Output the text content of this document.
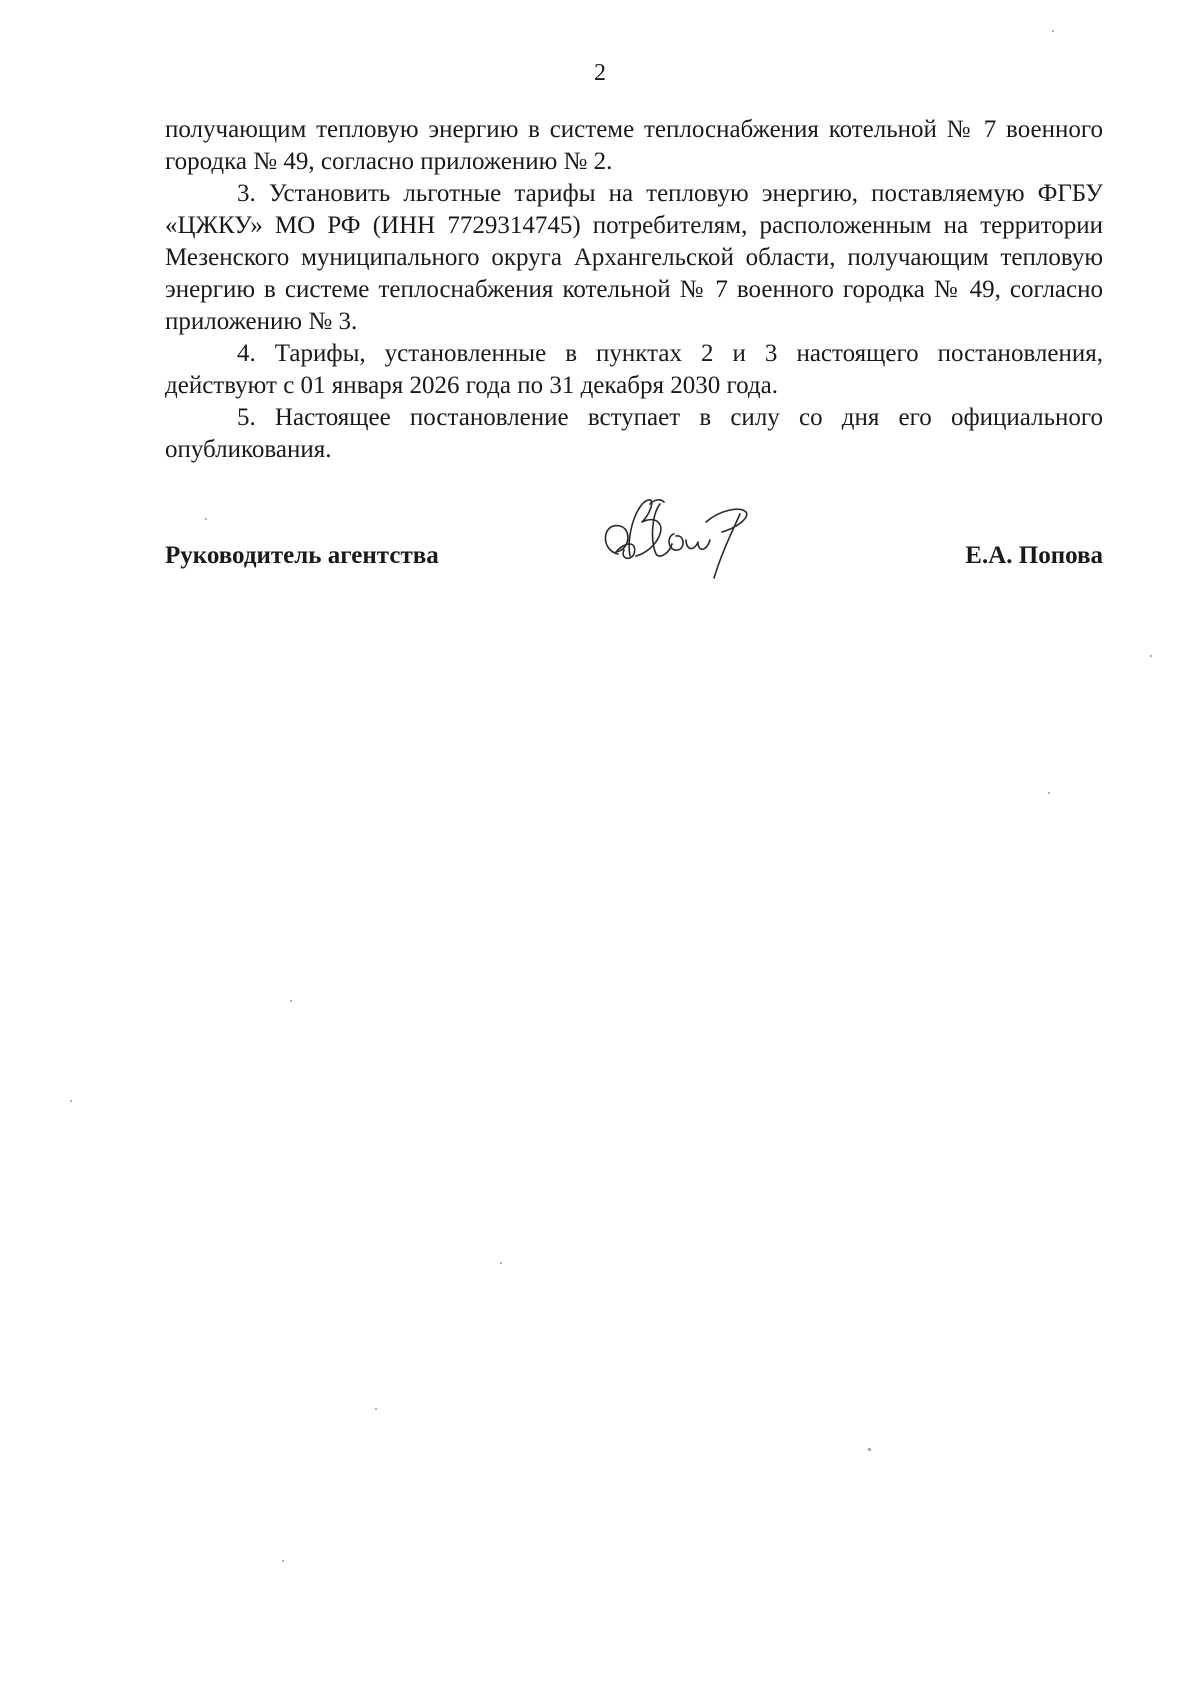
2

получающим тепловую энергию в системе теплоснабжения котельной № 7 военного городка № 49, согласно приложению № 2.

3. Установить льготные тарифы на тепловую энергию, поставляемую ФГБУ «ЦЖКУ» МО РФ (ИНН 7729314745) потребителям, расположенным на территории Мезенского муниципального округа Архангельской области, получающим тепловую энергию в системе теплоснабжения котельной № 7 военного городка № 49, согласно приложению № 3.

4. Тарифы, установленные в пунктах 2 и 3 настоящего постановления, действуют с 01 января 2026 года по 31 декабря 2030 года.

5. Настоящее постановление вступает в силу со дня его официального опубликования.

Руководитель агентства	Е.А. Попова
